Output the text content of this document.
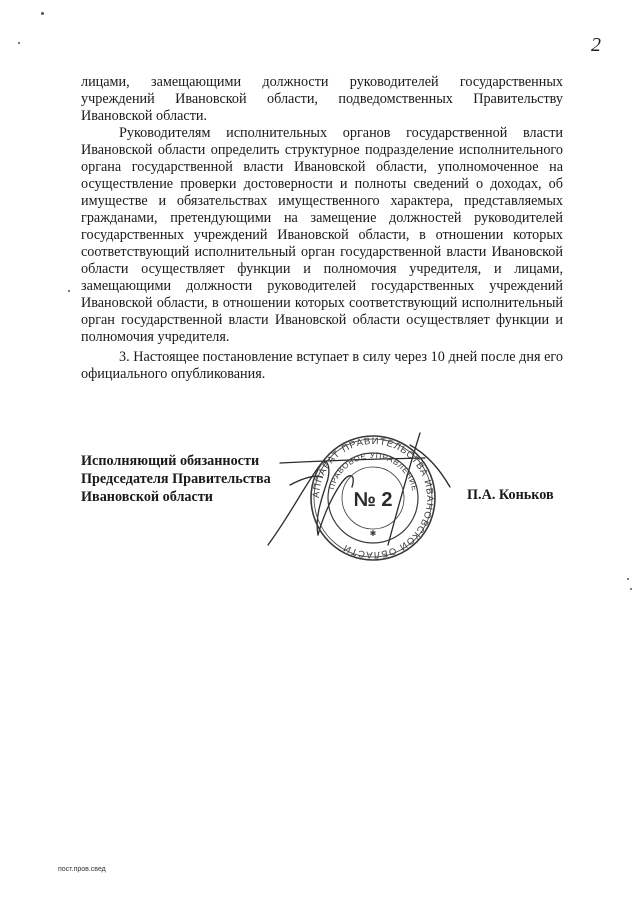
2

лицами, замещающими должности руководителей государственных учреждений Ивановской области, подведомственных Правительству Ивановской области.

Руководителям исполнительных органов государственной власти Ивановской области определить структурное подразделение исполнительного органа государственной власти Ивановской области, уполномоченное на осуществление проверки достоверности и полноты сведений о доходах, об имуществе и обязательствах имущественного характера, представляемых гражданами, претендующими на замещение должностей руководителей государственных учреждений Ивановской области, в отношении которых соответствующий исполнительный орган государственной власти Ивановской области осуществляет функции и полномочия учредителя, и лицами, замещающими должности руководителей государственных учреждений Ивановской области, в отношении которых соответствующий исполнительный орган государственной власти Ивановской области осуществляет функции и полномочия учредителя.

3. Настоящее постановление вступает в силу через 10 дней после дня его официального опубликования.

Исполняющий обязанности
Председателя Правительства
Ивановской области	АППАРАТ ПРАВИТЕЛЬСТВА ИВАНОВСКОЙ ОБЛАСТИ
ПРАВОВОЕ УПРАВЛЕНИЕ
№ 2
✱
П.А. Коньков
пост.пров.свед
